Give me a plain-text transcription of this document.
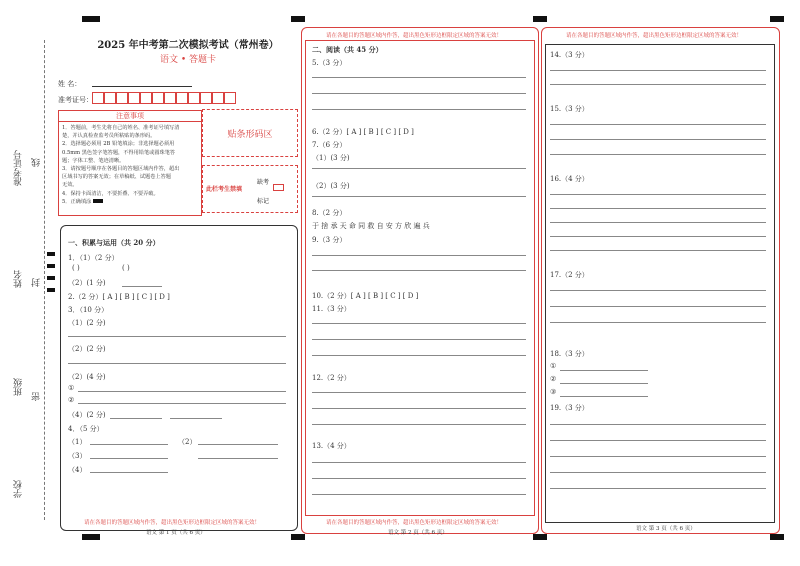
准考证号 线
姓名 封
班级
密
学校
2025 年中考第二次模拟考试（常州卷）
语文 • 答题卡
姓 名：
准考证号：
注意事项
1．答题前，考生先将自己的姓名、准考证号填写清
楚，并认真检查监考员所粘贴的条形码。
2．选择题必须用 2B 铅笔填涂；非选择题必须用
0.5mm 黑色签字笔答题，不得用铅笔或圆珠笔答
题；字体工整、笔迹清晰。
3．请按题号顺序在各题目的答题区域内作答，超出
区域书写的答案无效；在草稿纸、试题卷上答题
无效。
4．保持卡面清洁，不要折叠、不要弄破。
5．正确填涂
贴条形码区
此栏考生禁填
缺考
标记
一、积累与运用（共 20 分）
1．（1）（2 分）
( )	( )
（2）(1 分)
2.（2 分）[ A ] [ B ] [ C ] [ D ]
3．（10 分）
（1）(2 分)
（2）(2 分)
（2）(4 分)
①
②
（4）(2 分)
4．（5 分）
（1）	（2）
（3）
（4）
请在各题目的答题区域内作答，超出黑色矩形边框限定区域的答案无效！
语文 第 1 页（共 6 页）
请在各题目的答题区域内作答，超出黑色矩形边框限定区域的答案无效！
二、阅读（共 45 分）
5.（3 分）
6.（2 分）[ A ] [ B ] [ C ] [ D ]
7.（6 分）
（1）(3 分)
（2）(3 分)
8.（2 分）
于 捨 承 天 命 同 救 自 安 方 欣 遍 兵
9.（3 分）
10.（2 分）[ A ] [ B ] [ C ] [ D ]
11.（3 分）
12.（2 分）
13.（4 分）
请在各题目的答题区域内作答，超出黑色矩形边框限定区域的答案无效！
语文 第 2 页（共 6 页）
请在各题目的答题区域内作答，超出黑色矩形边框限定区域的答案无效！
14.（3 分）
15.（3 分）
16.（4 分）
17.（2 分）
18.（3 分）
①
②
③
19.（3 分）
语文 第 3 页（共 6 页）
